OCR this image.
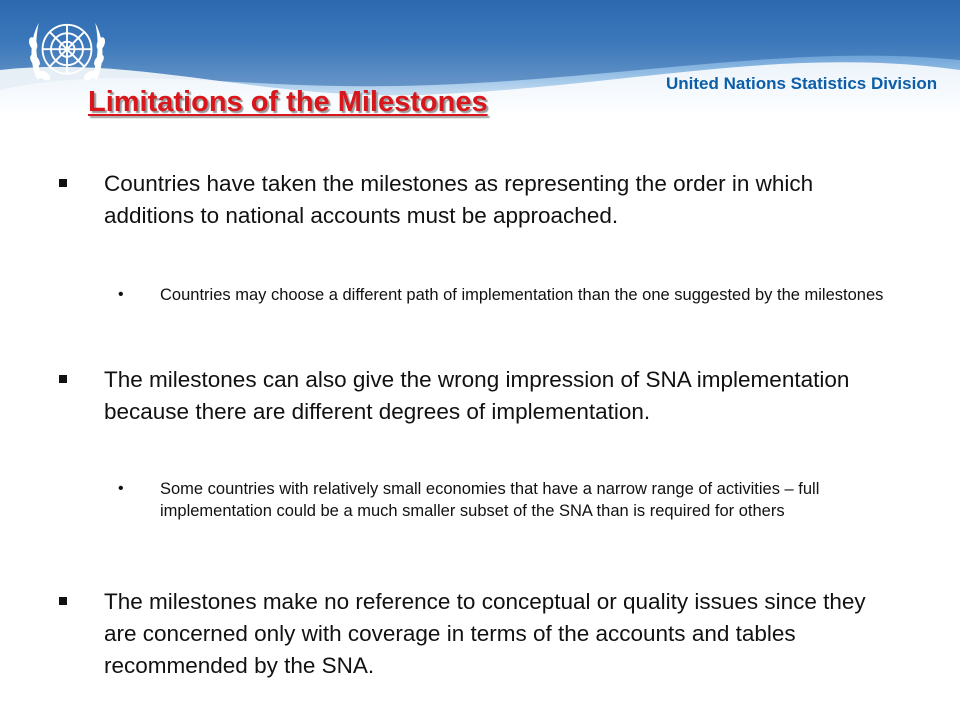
United Nations Statistics Division
Limitations of the Milestones
Countries have taken the milestones as representing the order in which additions to national accounts must be approached.
• Countries may choose a different path of implementation than the one suggested by the milestones
The milestones can also give the wrong impression of SNA implementation because there are different degrees of implementation.
• Some countries with relatively small economies that have a narrow range of activities – full implementation could be a much smaller subset of the SNA than is required for others
The milestones make no reference to conceptual or quality issues since they are concerned only with coverage in terms of the accounts and tables recommended by the SNA.
